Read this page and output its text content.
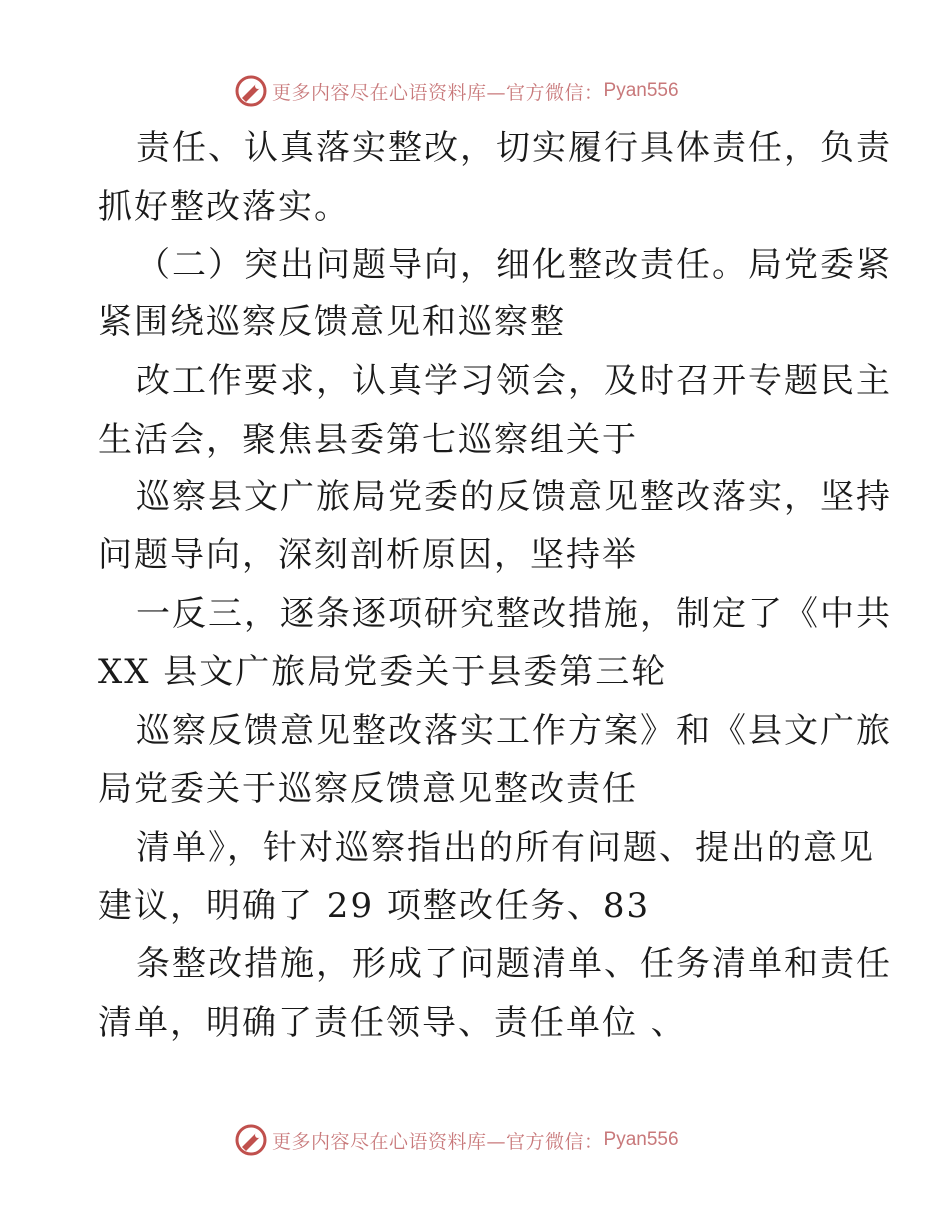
更多内容尽在心语资料库—官方微信： Pyan556
责任、认真落实整改，切实履行具体责任，负责
抓好整改落实。
（二）突出问题导向，细化整改责任。局党委紧
紧围绕巡察反馈意见和巡察整
改工作要求，认真学习领会，及时召开专题民主
生活会，聚焦县委第七巡察组关于
巡察县文广旅局党委的反馈意见整改落实，坚持
问题导向，深刻剖析原因，坚持举
一反三，逐条逐项研究整改措施，制定了《中共
XX 县文广旅局党委关于县委第三轮
巡察反馈意见整改落实工作方案》和《县文广旅
局党委关于巡察反馈意见整改责任
清单》，针对巡察指出的所有问题、提出的意见
建议，明确了 29 项整改任务、83
条整改措施，形成了问题清单、任务清单和责任
清单，明确了责任领导、责任单位 、
更多内容尽在心语资料库—官方微信： Pyan556
